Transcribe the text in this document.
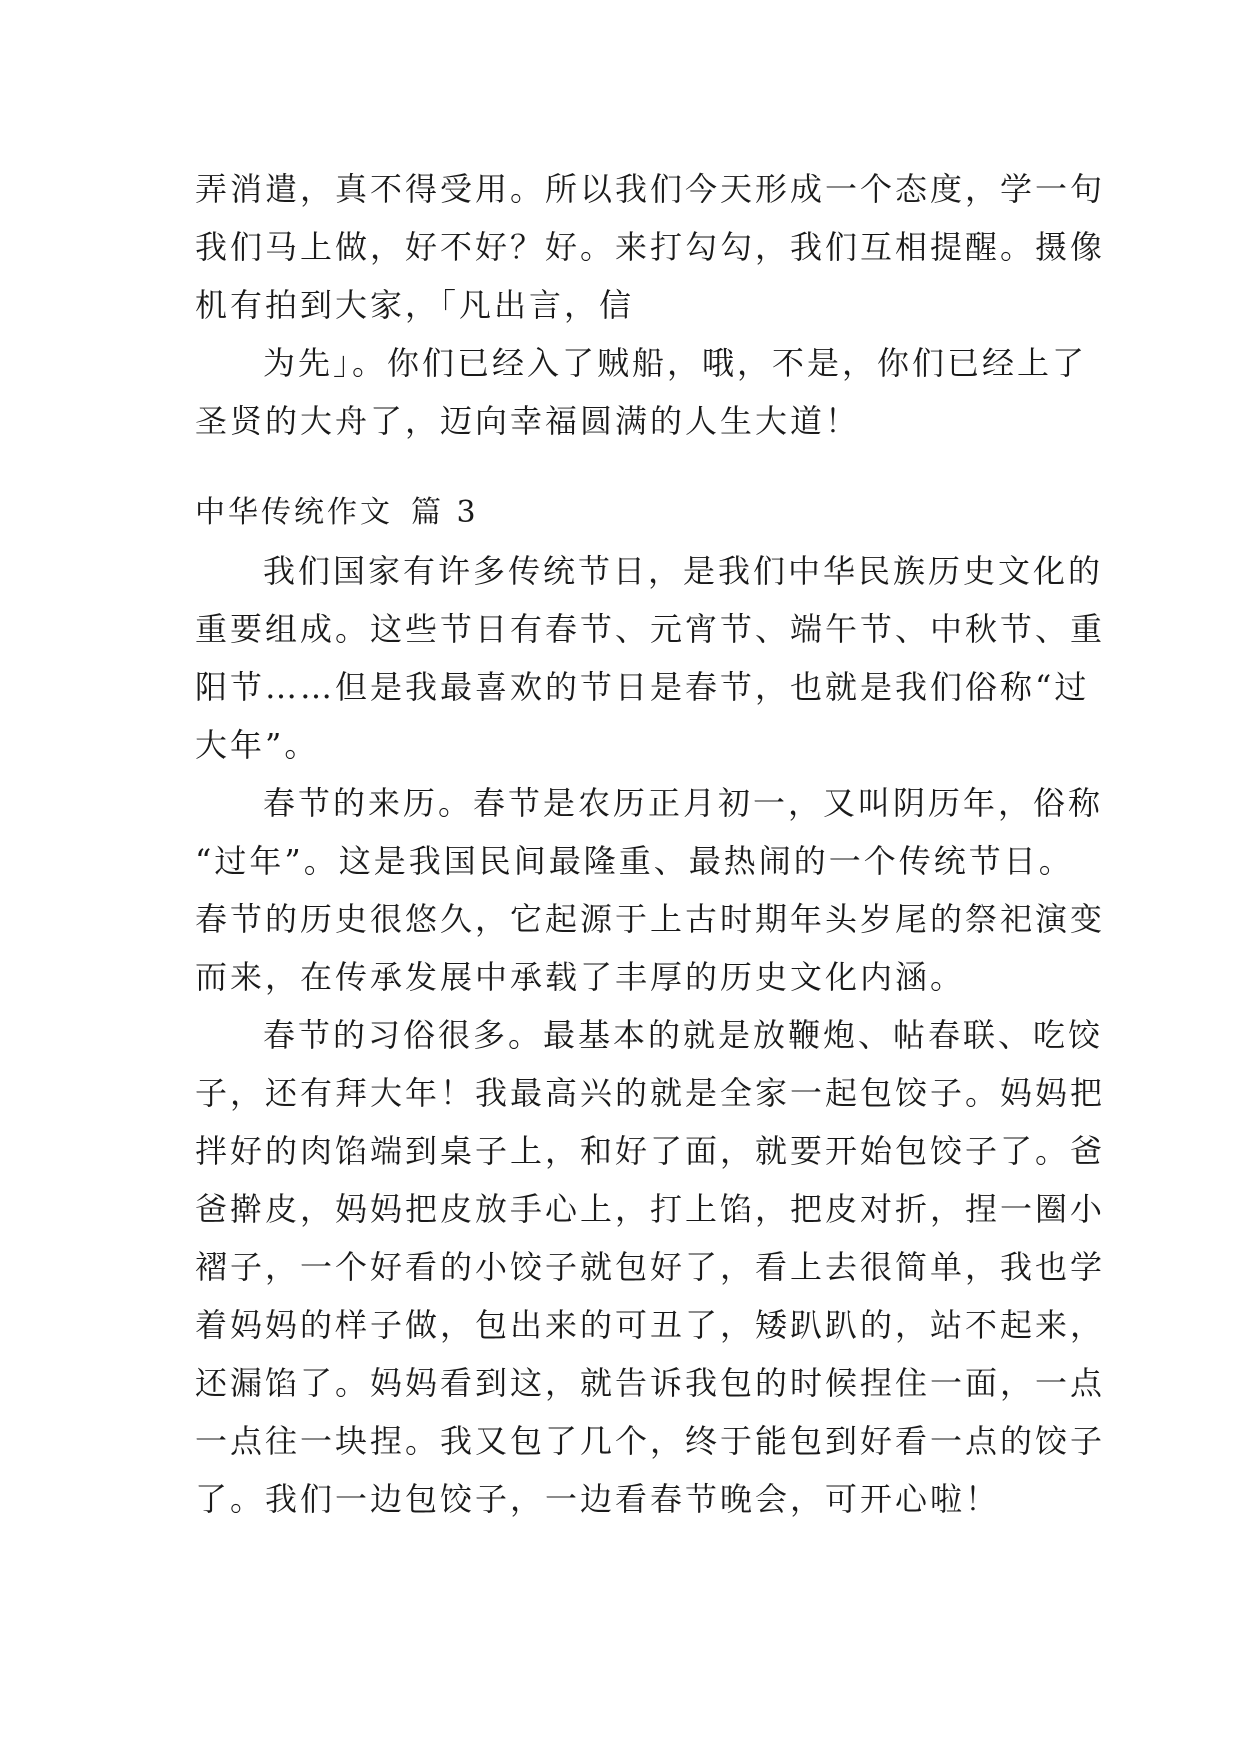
弄消遣，真不得受用。所以我们今天形成一个态度，学一句
我们马上做，好不好？好。来打勾勾，我们互相提醒。摄像
机有拍到大家，「凡出言，信
为先」。你们已经入了贼船，哦，不是，你们已经上了
圣贤的大舟了，迈向幸福圆满的人生大道！
中华传统作文 篇 3
我们国家有许多传统节日，是我们中华民族历史文化的
重要组成。这些节日有春节、元宵节、端午节、中秋节、重
阳节……但是我最喜欢的节日是春节，也就是我们俗称“过
大年”。
春节的来历。春节是农历正月初一，又叫阴历年，俗称
“过年”。这是我国民间最隆重、最热闹的一个传统节日。
春节的历史很悠久，它起源于上古时期年头岁尾的祭祀演变
而来，在传承发展中承载了丰厚的历史文化内涵。
春节的习俗很多。最基本的就是放鞭炮、帖春联、吃饺
子，还有拜大年！我最高兴的就是全家一起包饺子。妈妈把
拌好的肉馅端到桌子上，和好了面，就要开始包饺子了。爸
爸擀皮，妈妈把皮放手心上，打上馅，把皮对折，捏一圈小
褶子，一个好看的小饺子就包好了，看上去很简单，我也学
着妈妈的样子做，包出来的可丑了，矮趴趴的，站不起来，
还漏馅了。妈妈看到这，就告诉我包的时候捏住一面，一点
一点往一块捏。我又包了几个，终于能包到好看一点的饺子
了。我们一边包饺子，一边看春节晚会，可开心啦！
